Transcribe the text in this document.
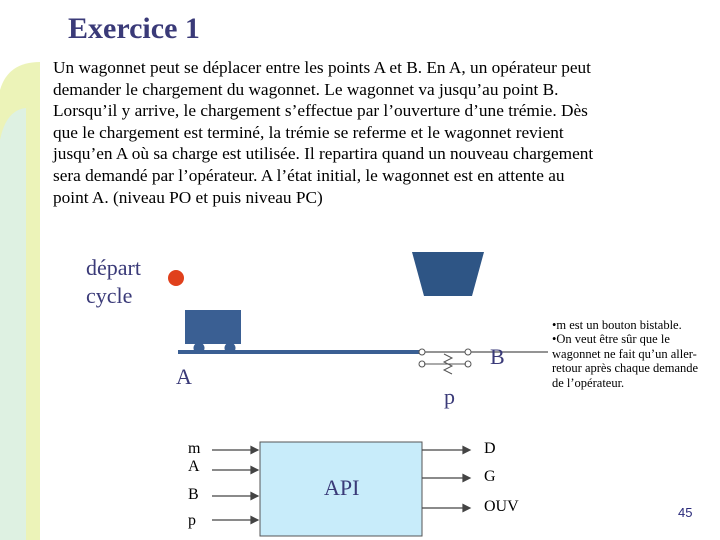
Exercice 1
Un wagonnet peut se déplacer entre les points A et B. En A, un opérateur peut
demander le chargement du wagonnet. Le wagonnet va jusqu’au point B.
Lorsqu’il y arrive, le chargement s’effectue par l’ouverture d’une trémie. Dès
que le chargement est terminé, la trémie se referme et le wagonnet revient
jusqu’en A où sa charge est utilisée. Il repartira quand un nouveau chargement
sera demandé par l’opérateur. A l’état initial, le wagonnet est en attente au
point A. (niveau PO et puis niveau PC)
départ
cycle
A
B
p
m
A
B
p
API
D
G
OUV
•m est un bouton bistable.
•On veut être sûr que le wagonnet ne fait qu’un aller-retour après chaque demande de l’opérateur.
45
